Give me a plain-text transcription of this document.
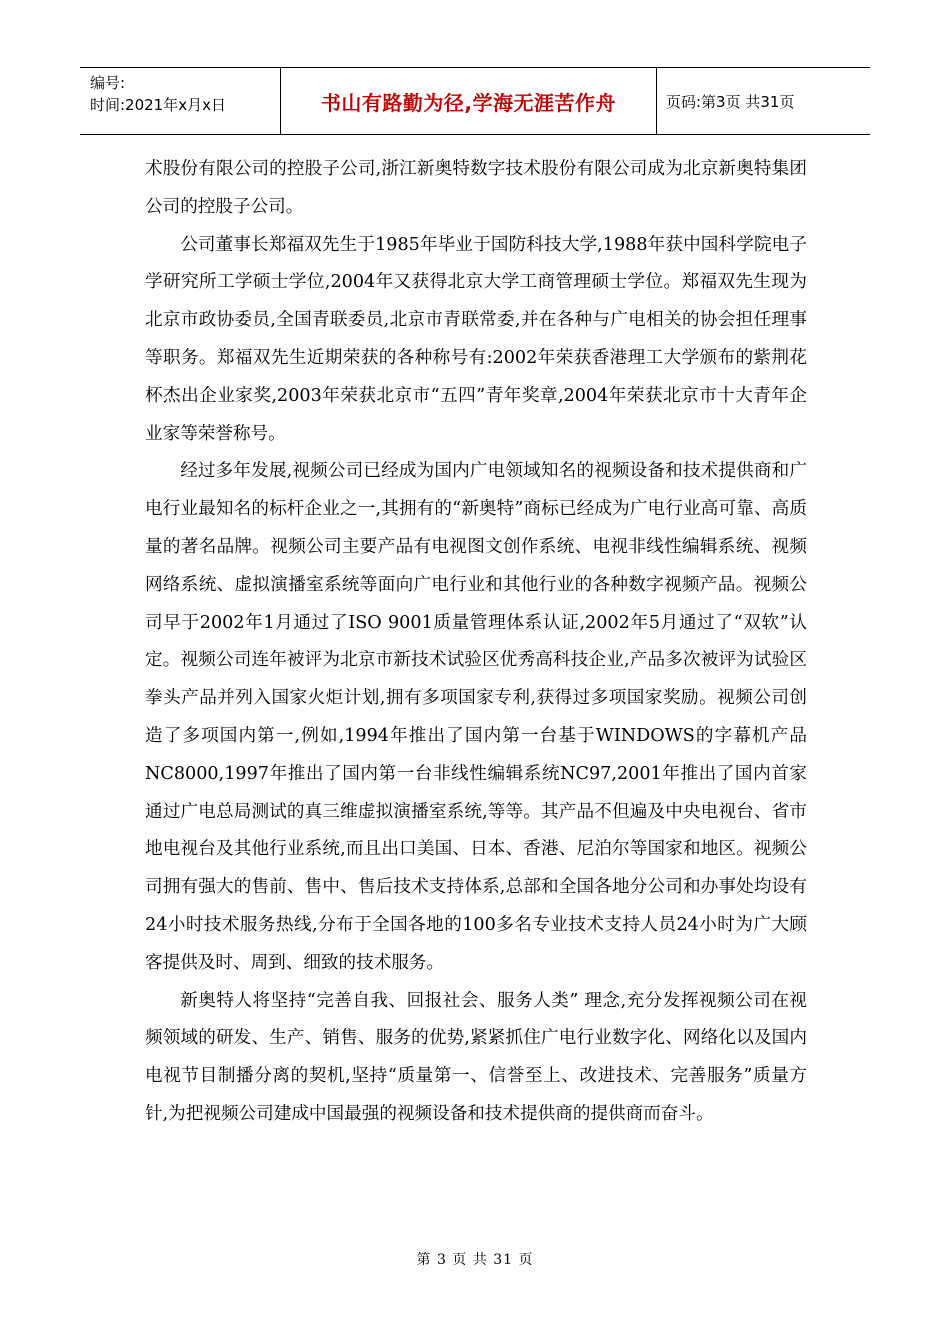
编号:
时间:2021年x月x日	书山有路勤为径,学海无涯苦作舟	页码:第3页 共31页

术股份有限公司的控股子公司,浙江新奥特数字技术股份有限公司成为北京新奥特集团公司的控股子公司。

公司董事长郑福双先生于1985年毕业于国防科技大学,1988年获中国科学院电子学研究所工学硕士学位,2004年又获得北京大学工商管理硕士学位。郑福双先生现为北京市政协委员,全国青联委员,北京市青联常委,并在各种与广电相关的协会担任理事等职务。郑福双先生近期荣获的各种称号有:2002年荣获香港理工大学颁布的紫荆花杯杰出企业家奖,2003年荣获北京市“五四”青年奖章,2004年荣获北京市十大青年企业家等荣誉称号。

经过多年发展,视频公司已经成为国内广电领域知名的视频设备和技术提供商和广电行业最知名的标杆企业之一,其拥有的“新奥特”商标已经成为广电行业高可靠、高质量的著名品牌。视频公司主要产品有电视图文创作系统、电视非线性编辑系统、视频网络系统、虚拟演播室系统等面向广电行业和其他行业的各种数字视频产品。视频公司早于2002年1月通过了ISO 9001质量管理体系认证,2002年5月通过了“双软”认定。视频公司连年被评为北京市新技术试验区优秀高科技企业,产品多次被评为试验区拳头产品并列入国家火炬计划,拥有多项国家专利,获得过多项国家奖励。视频公司创造了多项国内第一,例如,1994年推出了国内第一台基于WINDOWS的字幕机产品NC8000,1997年推出了国内第一台非线性编辑系统NC97,2001年推出了国内首家通过广电总局测试的真三维虚拟演播室系统,等等。其产品不但遍及中央电视台、省市地电视台及其他行业系统,而且出口美国、日本、香港、尼泊尔等国家和地区。视频公司拥有强大的售前、售中、售后技术支持体系,总部和全国各地分公司和办事处均设有24小时技术服务热线,分布于全国各地的100多名专业技术支持人员24小时为广大顾客提供及时、周到、细致的技术服务。

新奥特人将坚持“完善自我、回报社会、服务人类” 理念,充分发挥视频公司在视频领域的研发、生产、销售、服务的优势,紧紧抓住广电行业数字化、网络化以及国内电视节目制播分离的契机,坚持“质量第一、信誉至上、改进技术、完善服务”质量方针,为把视频公司建成中国最强的视频设备和技术提供商的提供商而奋斗。

第 3 页 共 31 页
